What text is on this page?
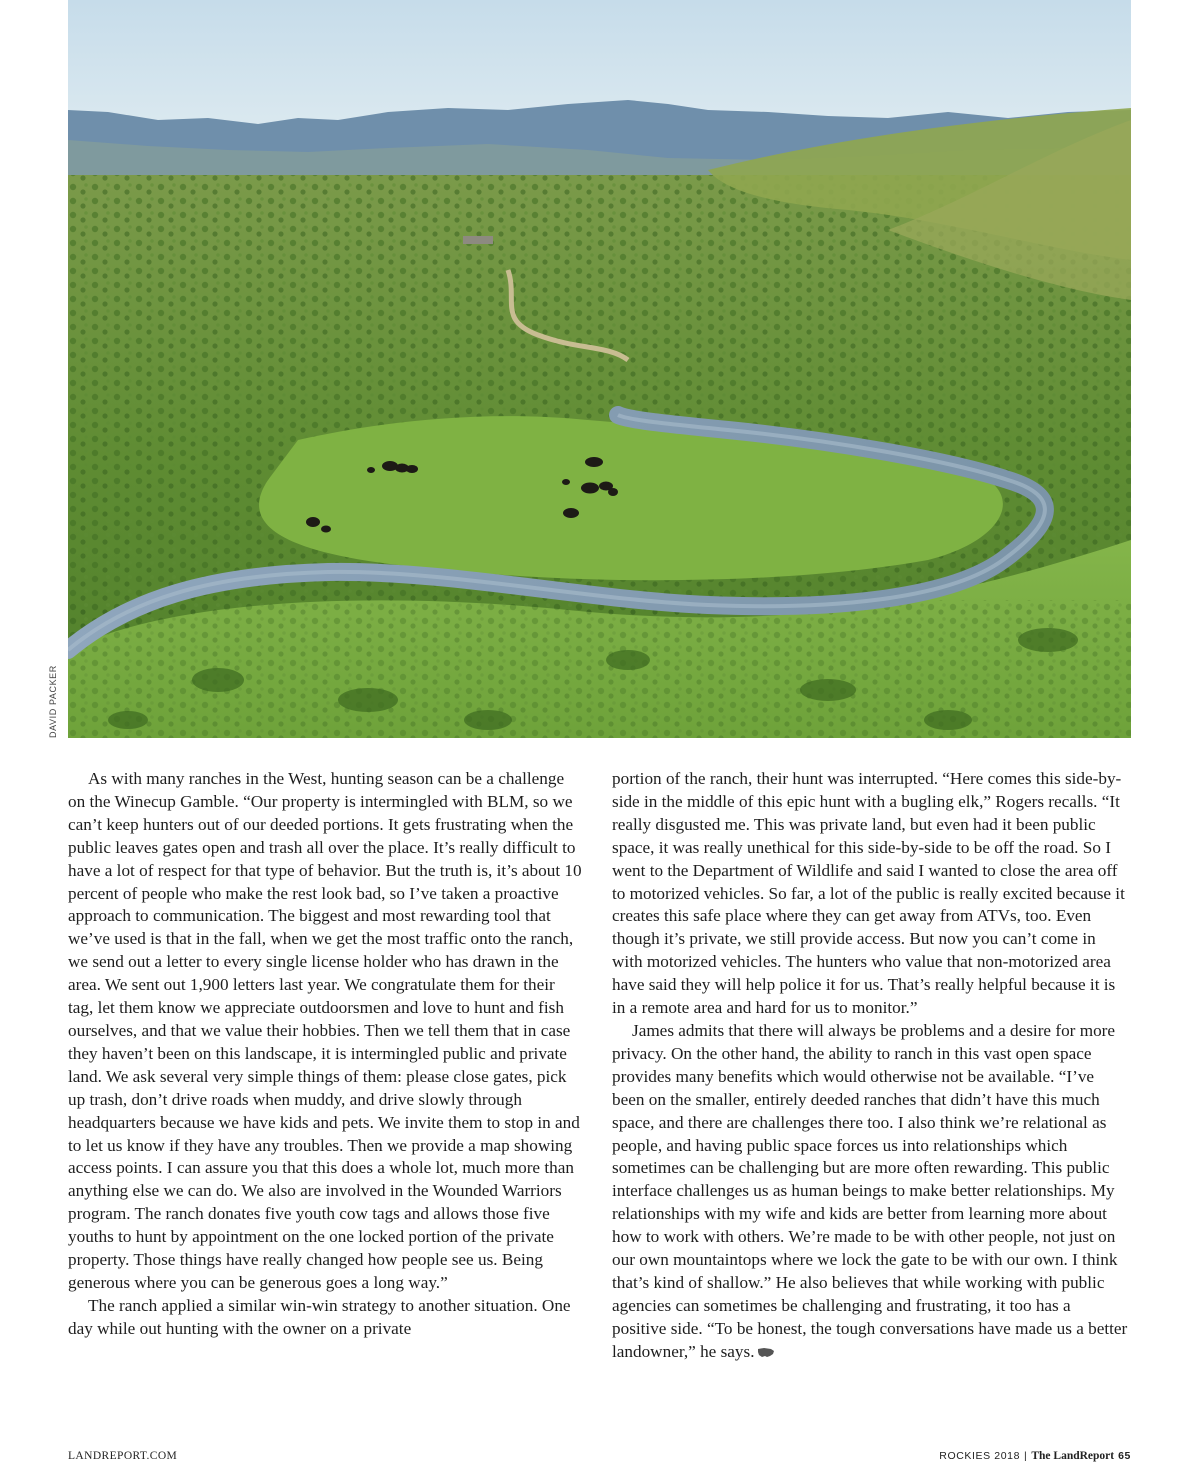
DAVID PACKER

As with many ranches in the West, hunting season can be a challenge on the Winecup Gamble. “Our property is intermingled with BLM, so we can’t keep hunters out of our deeded portions. It gets frustrating when the public leaves gates open and trash all over the place. It’s really difficult to have a lot of respect for that type of behavior. But the truth is, it’s about 10 percent of people who make the rest look bad, so I’ve taken a proactive approach to communication. The biggest and most rewarding tool that we’ve used is that in the fall, when we get the most traffic onto the ranch, we send out a letter to every single license holder who has drawn in the area. We sent out 1,900 letters last year. We congratulate them for their tag, let them know we appreciate outdoorsmen and love to hunt and fish ourselves, and that we value their hobbies. Then we tell them that in case they haven’t been on this landscape, it is intermingled public and private land. We ask several very simple things of them: please close gates, pick up trash, don’t drive roads when muddy, and drive slowly through headquarters because we have kids and pets. We invite them to stop in and to let us know if they have any troubles. Then we provide a map showing access points. I can assure you that this does a whole lot, much more than anything else we can do. We also are involved in the Wounded Warriors program. The ranch donates five youth cow tags and allows those five youths to hunt by appointment on the one locked portion of the private property. Those things have really changed how people see us. Being generous where you can be generous goes a long way.”

The ranch applied a similar win-win strategy to another situation. One day while out hunting with the owner on a private

portion of the ranch, their hunt was interrupted. “Here comes this side-by-side in the middle of this epic hunt with a bugling elk,” Rogers recalls. “It really disgusted me. This was private land, but even had it been public space, it was really unethical for this side-by-side to be off the road. So I went to the Department of Wildlife and said I wanted to close the area off to motorized vehicles. So far, a lot of the public is really excited because it creates this safe place where they can get away from ATVs, too. Even though it’s private, we still provide access. But now you can’t come in with motorized vehicles. The hunters who value that non-motorized area have said they will help police it for us. That’s really helpful because it is in a remote area and hard for us to monitor.”

James admits that there will always be problems and a desire for more privacy. On the other hand, the ability to ranch in this vast open space provides many benefits which would otherwise not be available. “I’ve been on the smaller, entirely deeded ranches that didn’t have this much space, and there are challenges there too. I also think we’re relational as people, and having public space forces us into relationships which sometimes can be challenging but are more often rewarding. This public interface challenges us as human beings to make better relationships. My relationships with my wife and kids are better from learning more about how to work with others. We’re made to be with other people, not just on our own mountaintops where we lock the gate to be with our own. I think that’s kind of shallow.” He also believes that while working with public agencies can sometimes be challenging and frustrating, it too has a positive side. “To be honest, the tough conversations have made us a better landowner,” he says.

LANDREPORT.COM	ROCKIES 2018 | The LandReport 65
